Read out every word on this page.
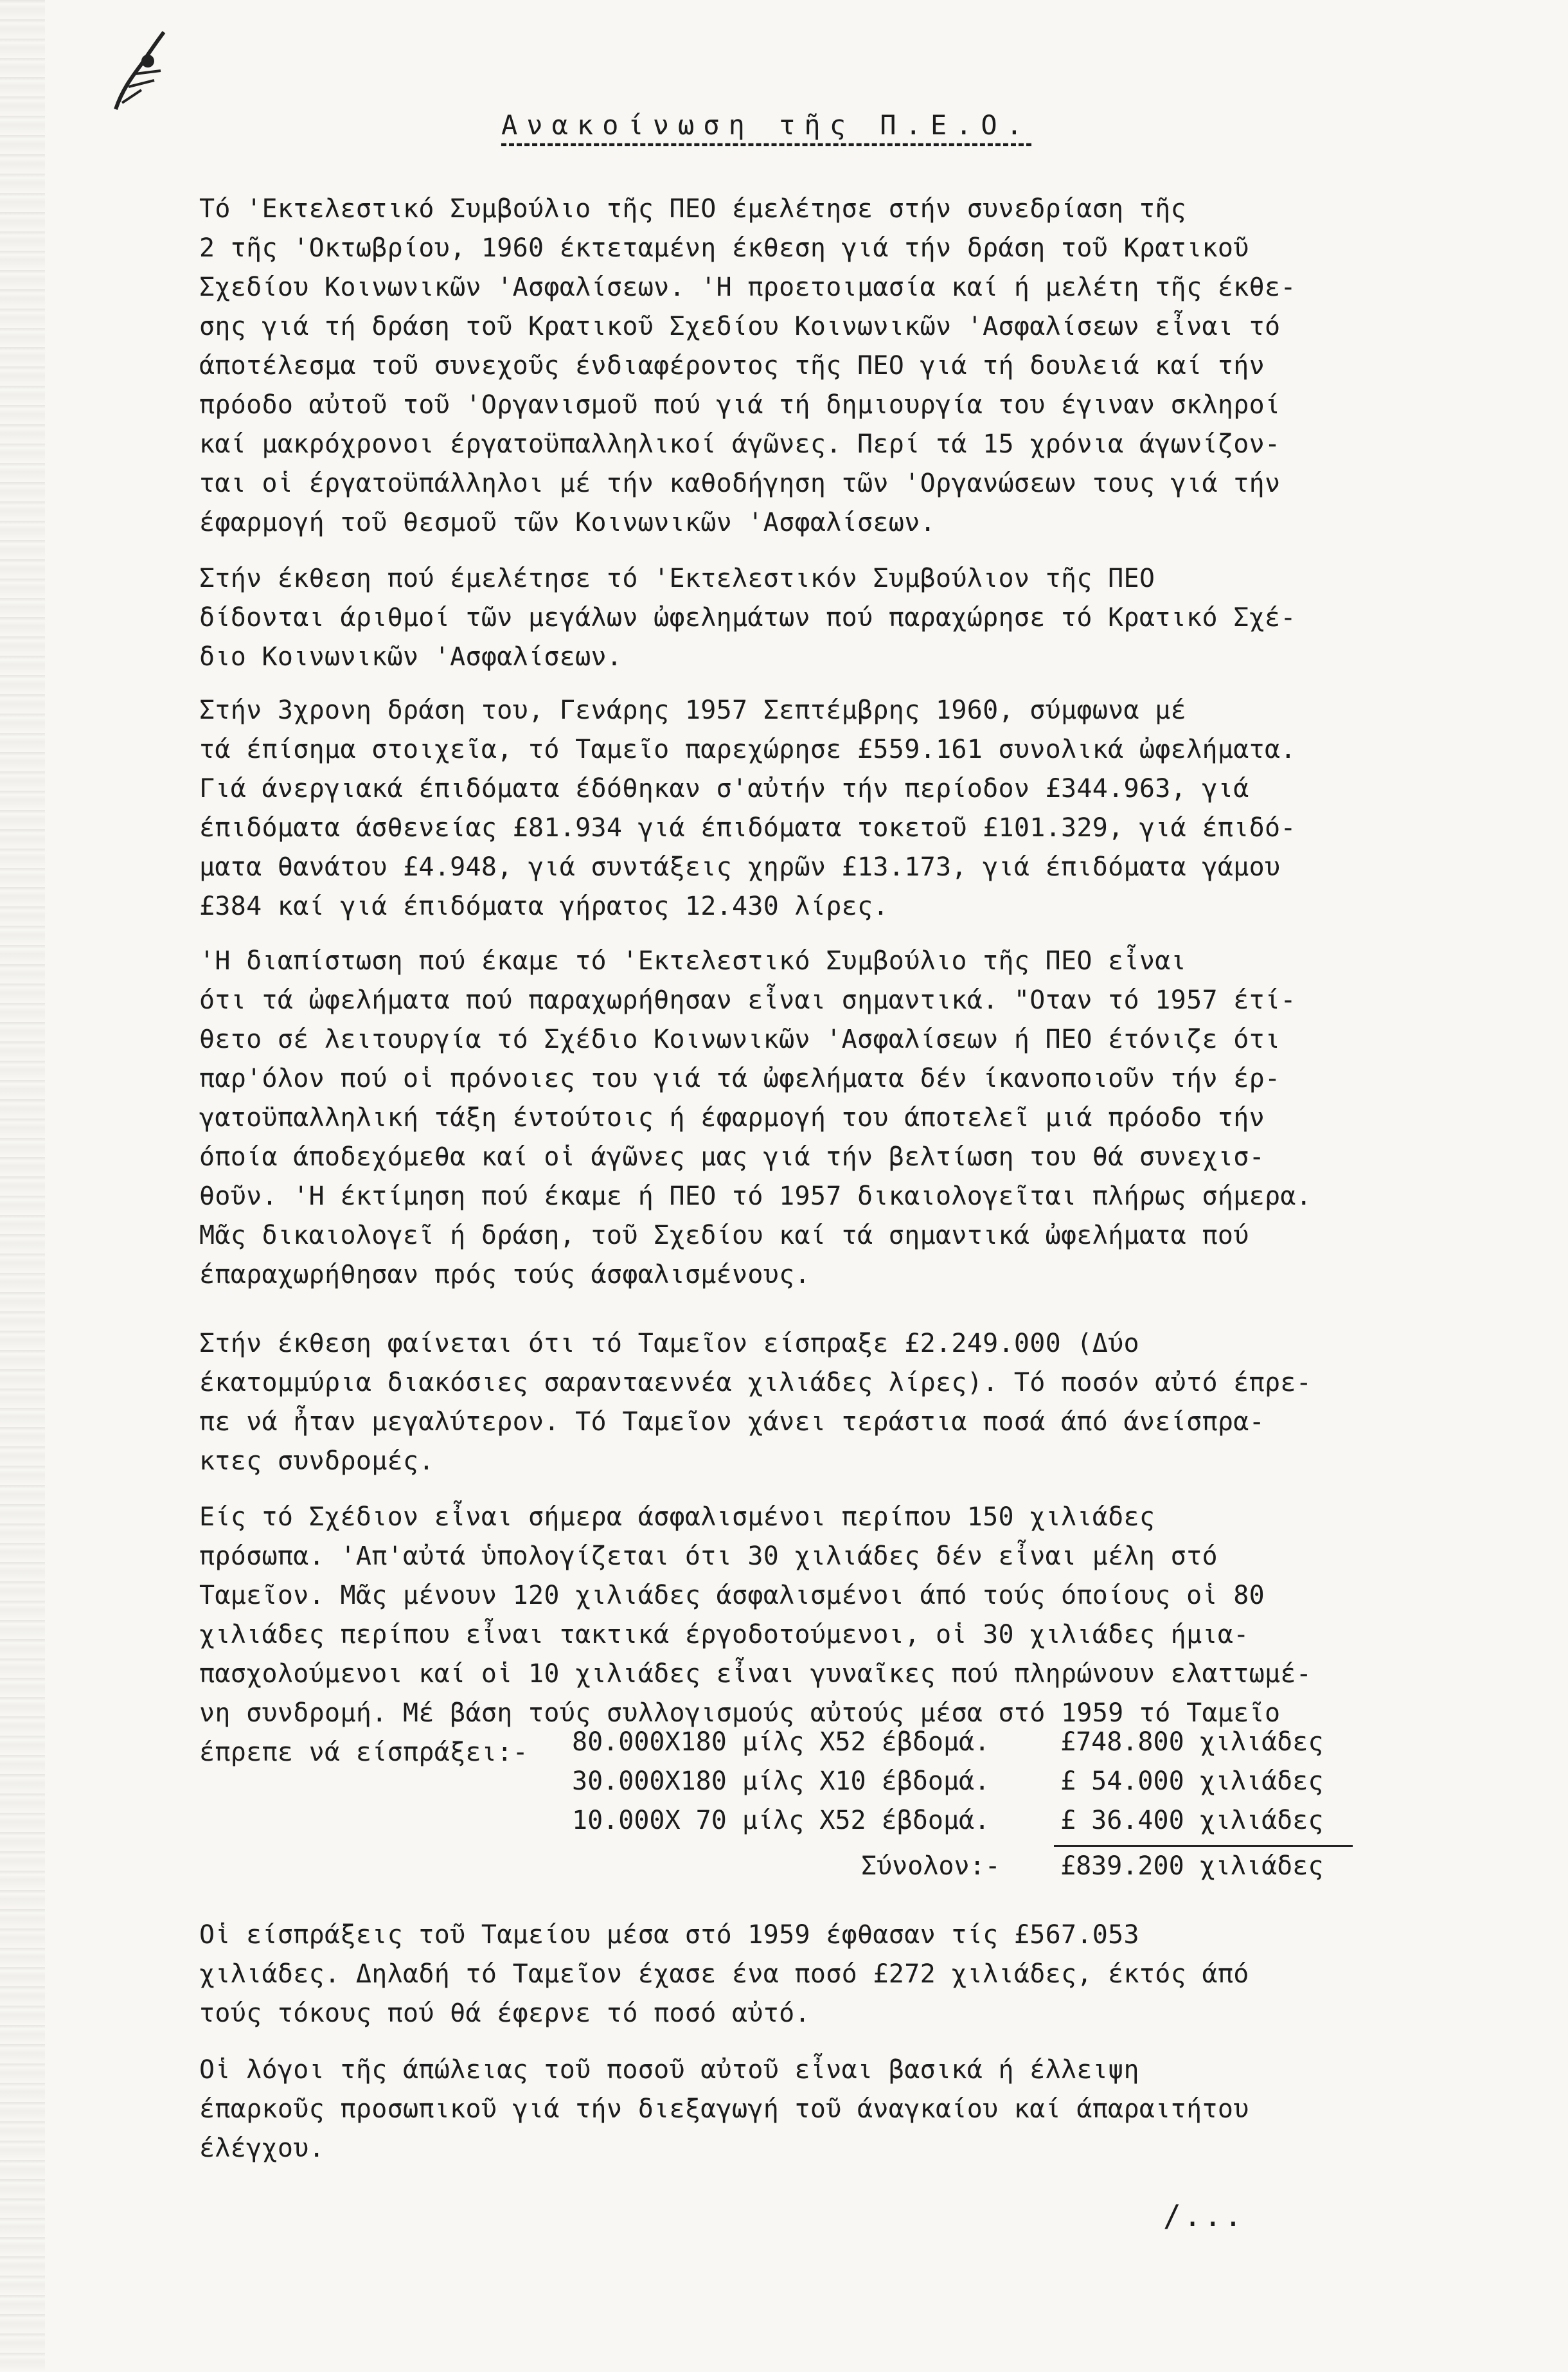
Ανακοίνωση τῆς Π.Ε.Ο.
Τό 'Εκτελεστικό Συμβούλιο τῆς ΠΕΟ έμελέτησε στήν συνεδρίαση τῆς
2 τῆς 'Οκτωβρίου, 1960 έκτεταμένη έκθεση γιά τήν δράση τοῦ Κρατικοῦ
Σχεδίου Κοινωνικῶν 'Ασφαλίσεων. 'Η προετοιμασία καί ή μελέτη τῆς έκθε-
σης γιά τή δράση τοῦ Κρατικοῦ Σχεδίου Κοινωνικῶν 'Ασφαλίσεων εἶναι τό
άποτέλεσμα τοῦ συνεχοῦς ένδιαφέροντος τῆς ΠΕΟ γιά τή δουλειά καί τήν
πρόοδο αὐτοῦ τοῦ 'Οργανισμοῦ πού γιά τή δημιουργία του έγιναν σκληροί
καί μακρόχρονοι έργατοϋπαλληλικοί άγῶνες. Περί τά 15 χρόνια άγωνίζον-
ται οἱ έργατοϋπάλληλοι μέ τήν καθοδήγηση τῶν 'Οργανώσεων τους γιά τήν
έφαρμογή τοῦ θεσμοῦ τῶν Κοινωνικῶν 'Ασφαλίσεων.
Στήν έκθεση πού έμελέτησε τό 'Εκτελεστικόν Συμβούλιον τῆς ΠΕΟ
δίδονται άριθμοί τῶν μεγάλων ὠφελημάτων πού παραχώρησε τό Κρατικό Σχέ-
διο Κοινωνικῶν 'Ασφαλίσεων.
Στήν 3χρονη δράση του, Γενάρης 1957 Σεπτέμβρης 1960, σύμφωνα μέ
τά έπίσημα στοιχεῖα, τό Ταμεῖο παρεχώρησε £559.161 συνολικά ὠφελήματα.
Γιά άνεργιακά έπιδόματα έδόθηκαν σ'αὐτήν τήν περίοδον £344.963, γιά
έπιδόματα άσθενείας £81.934 γιά έπιδόματα τοκετοῦ £101.329, γιά έπιδό-
ματα θανάτου £4.948, γιά συντάξεις χηρῶν £13.173, γιά έπιδόματα γάμου
£384 καί γιά έπιδόματα γήρατος 12.430 λίρες.
'Η διαπίστωση πού έκαμε τό 'Εκτελεστικό Συμβούλιο τῆς ΠΕΟ εἶναι
ότι τά ὠφελήματα πού παραχωρήθησαν εἶναι σημαντικά. "Οταν τό 1957 έτί-
θετο σέ λειτουργία τό Σχέδιο Κοινωνικῶν 'Ασφαλίσεων ή ΠΕΟ έτόνιζε ότι
παρ'όλον πού οἱ πρόνοιες του γιά τά ὠφελήματα δέν ίκανοποιοῦν τήν έρ-
γατοϋπαλληλική τάξη έντούτοις ή έφαρμογή του άποτελεῖ μιά πρόοδο τήν
όποία άποδεχόμεθα καί οἱ άγῶνες μας γιά τήν βελτίωση του θά συνεχισ-
θοῦν. 'Η έκτίμηση πού έκαμε ή ΠΕΟ τό 1957 δικαιολογεῖται πλήρως σήμερα.
Μᾶς δικαιολογεῖ ή δράση, τοῦ Σχεδίου καί τά σημαντικά ὠφελήματα πού
έπαραχωρήθησαν πρός τούς άσφαλισμένους.
Στήν έκθεση φαίνεται ότι τό Ταμεῖον είσπραξε £2.249.000 (Δύο
έκατομμύρια διακόσιες σαρανταεννέα χιλιάδες λίρες). Τό ποσόν αὐτό έπρε-
πε νά ἦταν μεγαλύτερον. Τό Ταμεῖον χάνει τεράστια ποσά άπό άνείσπρα-
κτες συνδρομές.
Είς τό Σχέδιον εἶναι σήμερα άσφαλισμένοι περίπου 150 χιλιάδες
πρόσωπα. 'Απ'αὐτά ὑπολογίζεται ότι 30 χιλιάδες δέν εἶναι μέλη στό
Ταμεῖον. Μᾶς μένουν 120 χιλιάδες άσφαλισμένοι άπό τούς όποίους οἱ 80
χιλιάδες περίπου εἶναι τακτικά έργοδοτούμενοι, οἱ 30 χιλιάδες ήμια-
πασχολούμενοι καί οἱ 10 χιλιάδες εἶναι γυναῖκες πού πληρώνουν ελαττωμέ-
νη συνδρομή. Μέ βάση τούς συλλογισμούς αὐτούς μέσα στό 1959 τό Ταμεῖο
έπρεπε νά είσπράξει:-	80.000Χ180 μίλς Χ52 έβδομά.	£748.800 χιλιάδες
30.000Χ180 μίλς Χ10 έβδομά.	£ 54.000 χιλιάδες
10.000Χ 70 μίλς Χ52 έβδομά.	£ 36.400 χιλιάδες
Σύνολον:- £839.200 χιλιάδες
Οἱ είσπράξεις τοῦ Ταμείου μέσα στό 1959 έφθασαν τίς £567.053
χιλιάδες. Δηλαδή τό Ταμεῖον έχασε ένα ποσό £272 χιλιάδες, έκτός άπό
τούς τόκους πού θά έφερνε τό ποσό αὐτό.
Οἱ λόγοι τῆς άπώλειας τοῦ ποσοῦ αὐτοῦ εἶναι βασικά ή έλλειψη
έπαρκοῦς προσωπικοῦ γιά τήν διεξαγωγή τοῦ άναγκαίου καί άπαραιτήτου
έλέγχου.
/...
